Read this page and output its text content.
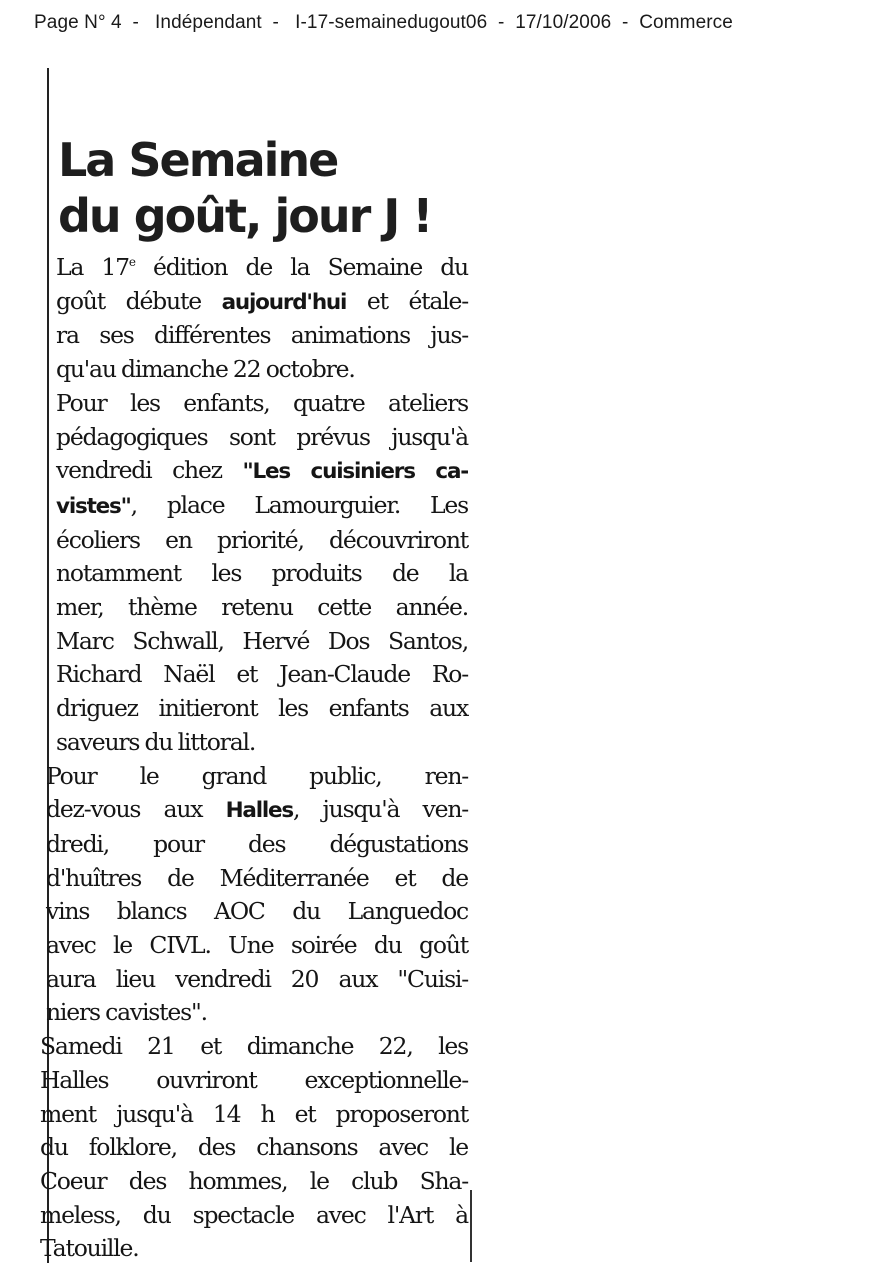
Page N° 4  -   Indépendant  -   I-17-semainedugout06  -  17/10/2006  -  Commerce
La Semaine
du goût, jour J !
La 17e édition de la Semaine du
goût débute aujourd'hui et étale-
ra ses différentes animations jus-
qu'au dimanche 22 octobre.
Pour les enfants, quatre ateliers
pédagogiques sont prévus jusqu'à
vendredi chez "Les cuisiniers ca-
vistes", place Lamourguier. Les
écoliers en priorité, découvriront
notamment les produits de la
mer, thème retenu cette année.
Marc Schwall, Hervé Dos Santos,
Richard Naël et Jean-Claude Ro-
driguez initieront les enfants aux
saveurs du littoral.
Pour le grand public, ren-
dez-vous aux Halles, jusqu'à ven-
dredi, pour des dégustations
d'huîtres de Méditerranée et de
vins blancs AOC du Languedoc
avec le CIVL. Une soirée du goût
aura lieu vendredi 20 aux "Cuisi-
niers cavistes".
Samedi 21 et dimanche 22, les
Halles ouvriront exceptionnelle-
ment jusqu'à 14 h et proposeront
du folklore, des chansons avec le
Coeur des hommes, le club Sha-
meless, du spectacle avec l'Art à
Tatouille.
